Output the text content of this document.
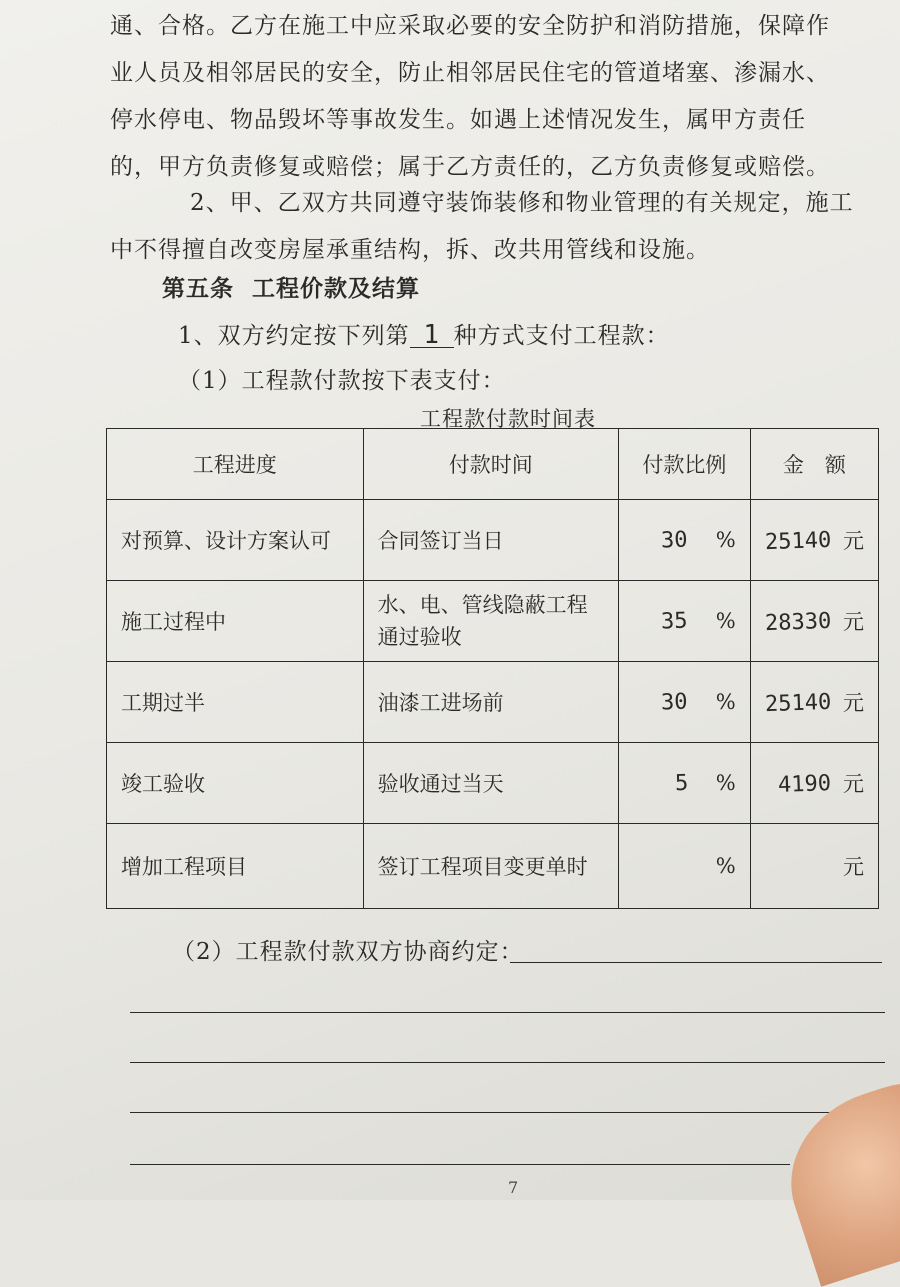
通、合格。乙方在施工中应采取必要的安全防护和消防措施，保障作
业人员及相邻居民的安全，防止相邻居民住宅的管道堵塞、渗漏水、
停水停电、物品毁坏等事故发生。如遇上述情况发生，属甲方责任
的，甲方负责修复或赔偿；属于乙方责任的，乙方负责修复或赔偿。
2、甲、乙双方共同遵守装饰装修和物业管理的有关规定，施工
中不得擅自改变房屋承重结构，拆、改共用管线和设施。
第五条 工程价款及结算
1、双方约定按下列第 1 种方式支付工程款：
（1）工程款付款按下表支付：
工程款付款时间表
工程进度	付款时间	付款比例	金　额
对预算、设计方案认可	合同签订当日	30 %	25140 元
施工过程中	水、电、管线隐蔽工程
通过验收	35 %	28330 元
工期过半	油漆工进场前	30 %	25140 元
竣工验收	验收通过当天	5 %	4190 元
增加工程项目	签订工程项目变更单时	%	元
（2）工程款付款双方协商约定：
7
